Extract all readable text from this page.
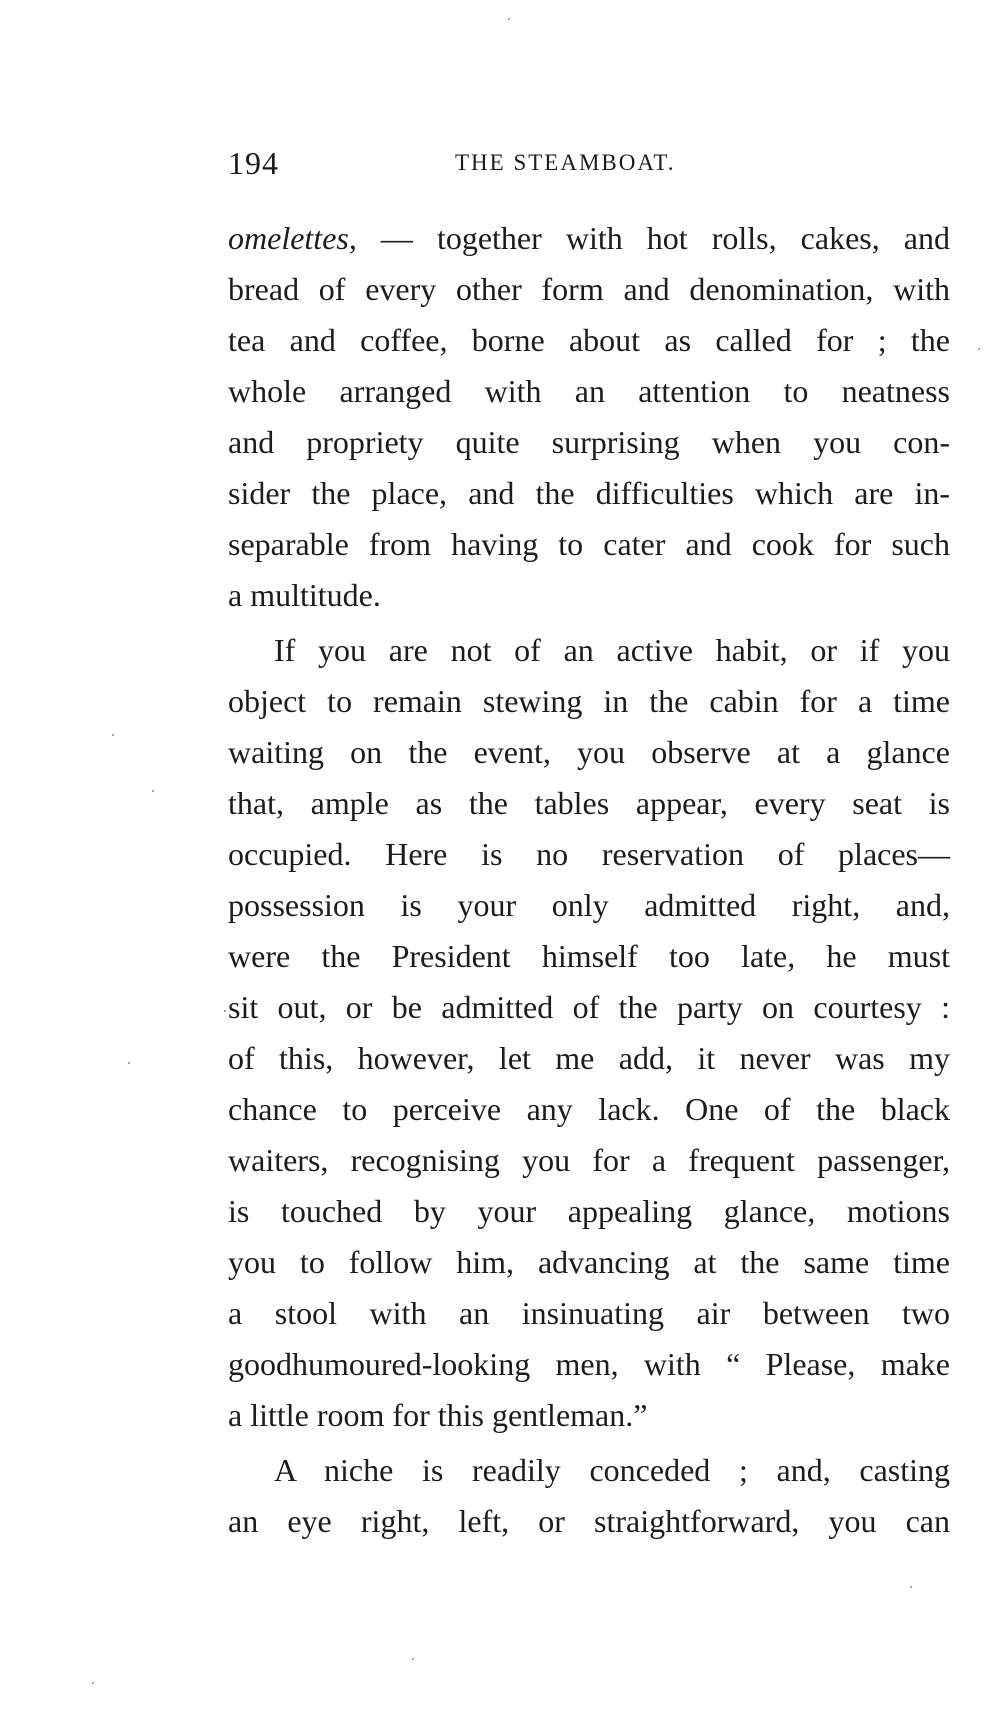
194	THE STEAMBOAT.
omelettes, — together with hot rolls, cakes, and
bread of every other form and denomination, with
tea and coffee, borne about as called for ; the
whole arranged with an attention to neatness
and propriety quite surprising when you con-
sider the place, and the difficulties which are in-
separable from having to cater and cook for such
a multitude.
If you are not of an active habit, or if you
object to remain stewing in the cabin for a time
waiting on the event, you observe at a glance
that, ample as the tables appear, every seat is
occupied. Here is no reservation of places—
possession is your only admitted right, and,
were the President himself too late, he must
sit out, or be admitted of the party on courtesy :
of this, however, let me add, it never was my
chance to perceive any lack. One of the black
waiters, recognising you for a frequent passenger,
is touched by your appealing glance, motions
you to follow him, advancing at the same time
a stool with an insinuating air between two
goodhumoured-looking men, with “ Please, make
a little room for this gentleman.”
A niche is readily conceded ; and, casting
an eye right, left, or straightforward, you can
